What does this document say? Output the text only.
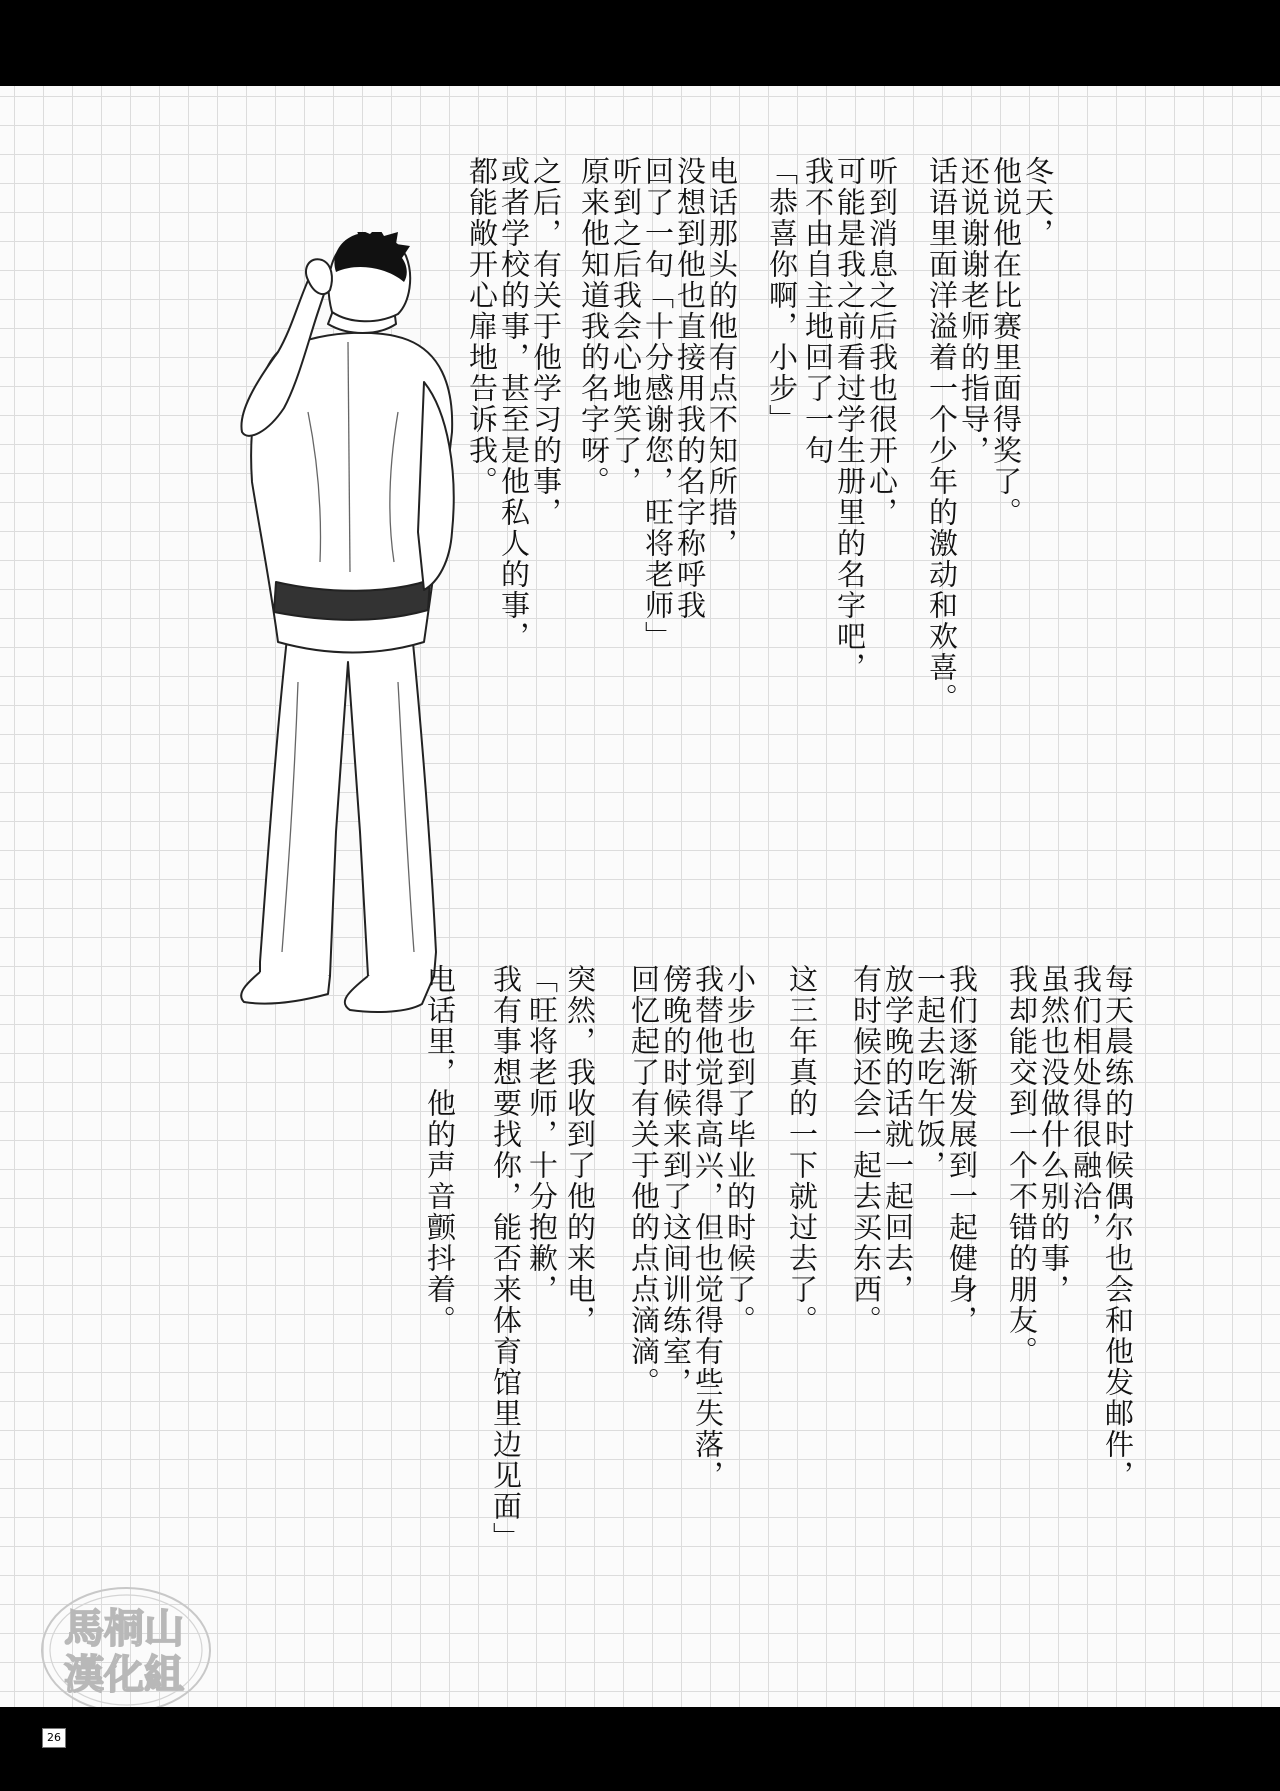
冬天，
他说他在比赛里面得奖了。
还说谢谢老师的指导，
话语里面洋溢着一个少年的激动和欢喜。
听到消息之后我也很开心，
可能是我之前看过学生册里的名字吧，
我不由自主地回了一句
「恭喜你啊，小步」
电话那头的他有点不知所措，
没想到他也直接用我的名字称呼我
回了一句「十分感谢您，旺将老师」
听到之后我会心地笑了，
原来他知道我的名字呀。
之后，有关于他学习的事，
或者学校的事，甚至是他私人的事，
都能敞开心扉地告诉我。
每天晨练的时候偶尔也会和他发邮件，
我们相处得很融洽，
虽然也没做什么别的事，
我却能交到一个不错的朋友。
我们逐渐发展到一起健身，
一起去吃午饭，
放学晚的话就一起回去，
有时候还会一起去买东西。
这三年真的一下就过去了。
小步也到了毕业的时候了。
我替他觉得高兴，但也觉得有些失落，
傍晚的时候来到了这间训练室，
回忆起了有关于他的点点滴滴。
突然，我收到了他的来电，
「旺将老师，十分抱歉，
我有事想要找你，能否来体育馆里边见面」
电话里，他的声音颤抖着。
馬桐山
漢化組
26
